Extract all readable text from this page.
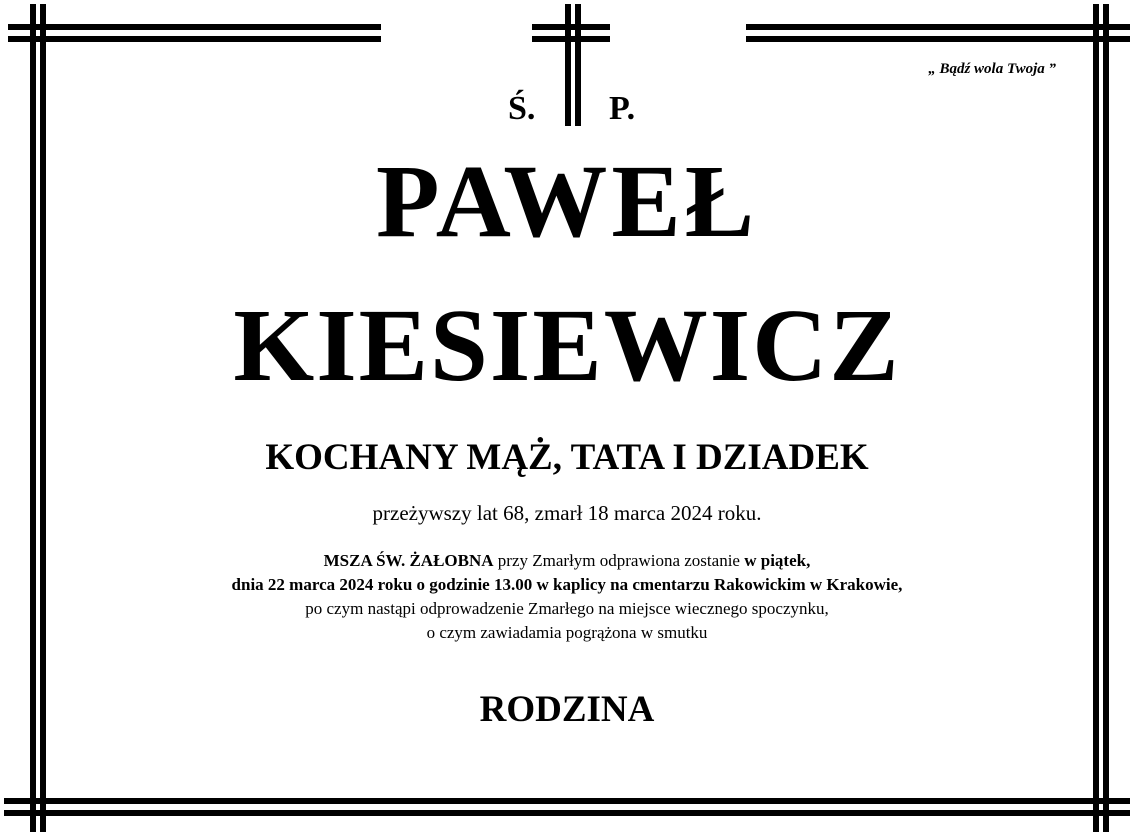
„ Bądź wola Twoja ”
Ś. P.
PAWEŁ
KIESIEWICZ
KOCHANY MĄŻ, TATA I DZIADEK
przeżywszy lat 68, zmarł 18 marca 2024 roku.
MSZA ŚW. ŻAŁOBNA przy Zmarłym odprawiona zostanie w piątek,
dnia 22 marca 2024 roku o godzinie 13.00 w kaplicy na cmentarzu Rakowickim w Krakowie,
po czym nastąpi odprowadzenie Zmarłego na miejsce wiecznego spoczynku,
o czym zawiadamia pogrążona w smutku
RODZINA
